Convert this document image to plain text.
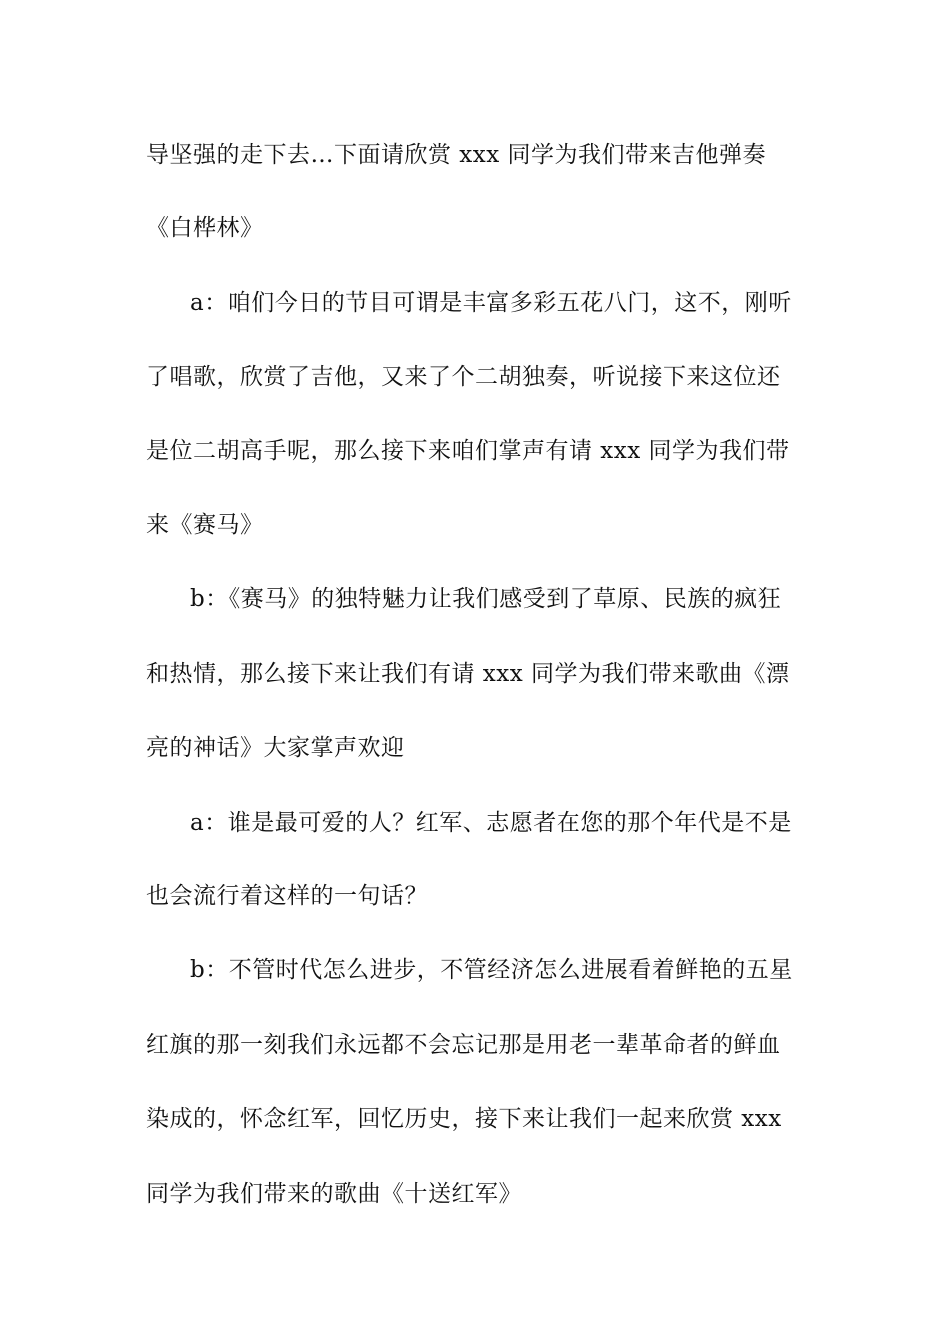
导坚强的走下去…下面请欣赏 xxx 同学为我们带来吉他弹奏
《白桦林》
a：咱们今日的节目可谓是丰富多彩五花八门，这不，刚听
了唱歌，欣赏了吉他，又来了个二胡独奏，听说接下来这位还
是位二胡高手呢，那么接下来咱们掌声有请 xxx 同学为我们带
来《赛马》
b：《赛马》的独特魅力让我们感受到了草原、民族的疯狂
和热情，那么接下来让我们有请 xxx 同学为我们带来歌曲《漂
亮的神话》大家掌声欢迎
a：谁是最可爱的人？红军、志愿者在您的那个年代是不是
也会流行着这样的一句话？
b：不管时代怎么进步，不管经济怎么进展看着鲜艳的五星
红旗的那一刻我们永远都不会忘记那是用老一辈革命者的鲜血
染成的，怀念红军，回忆历史，接下来让我们一起来欣赏 xxx
同学为我们带来的歌曲《十送红军》
